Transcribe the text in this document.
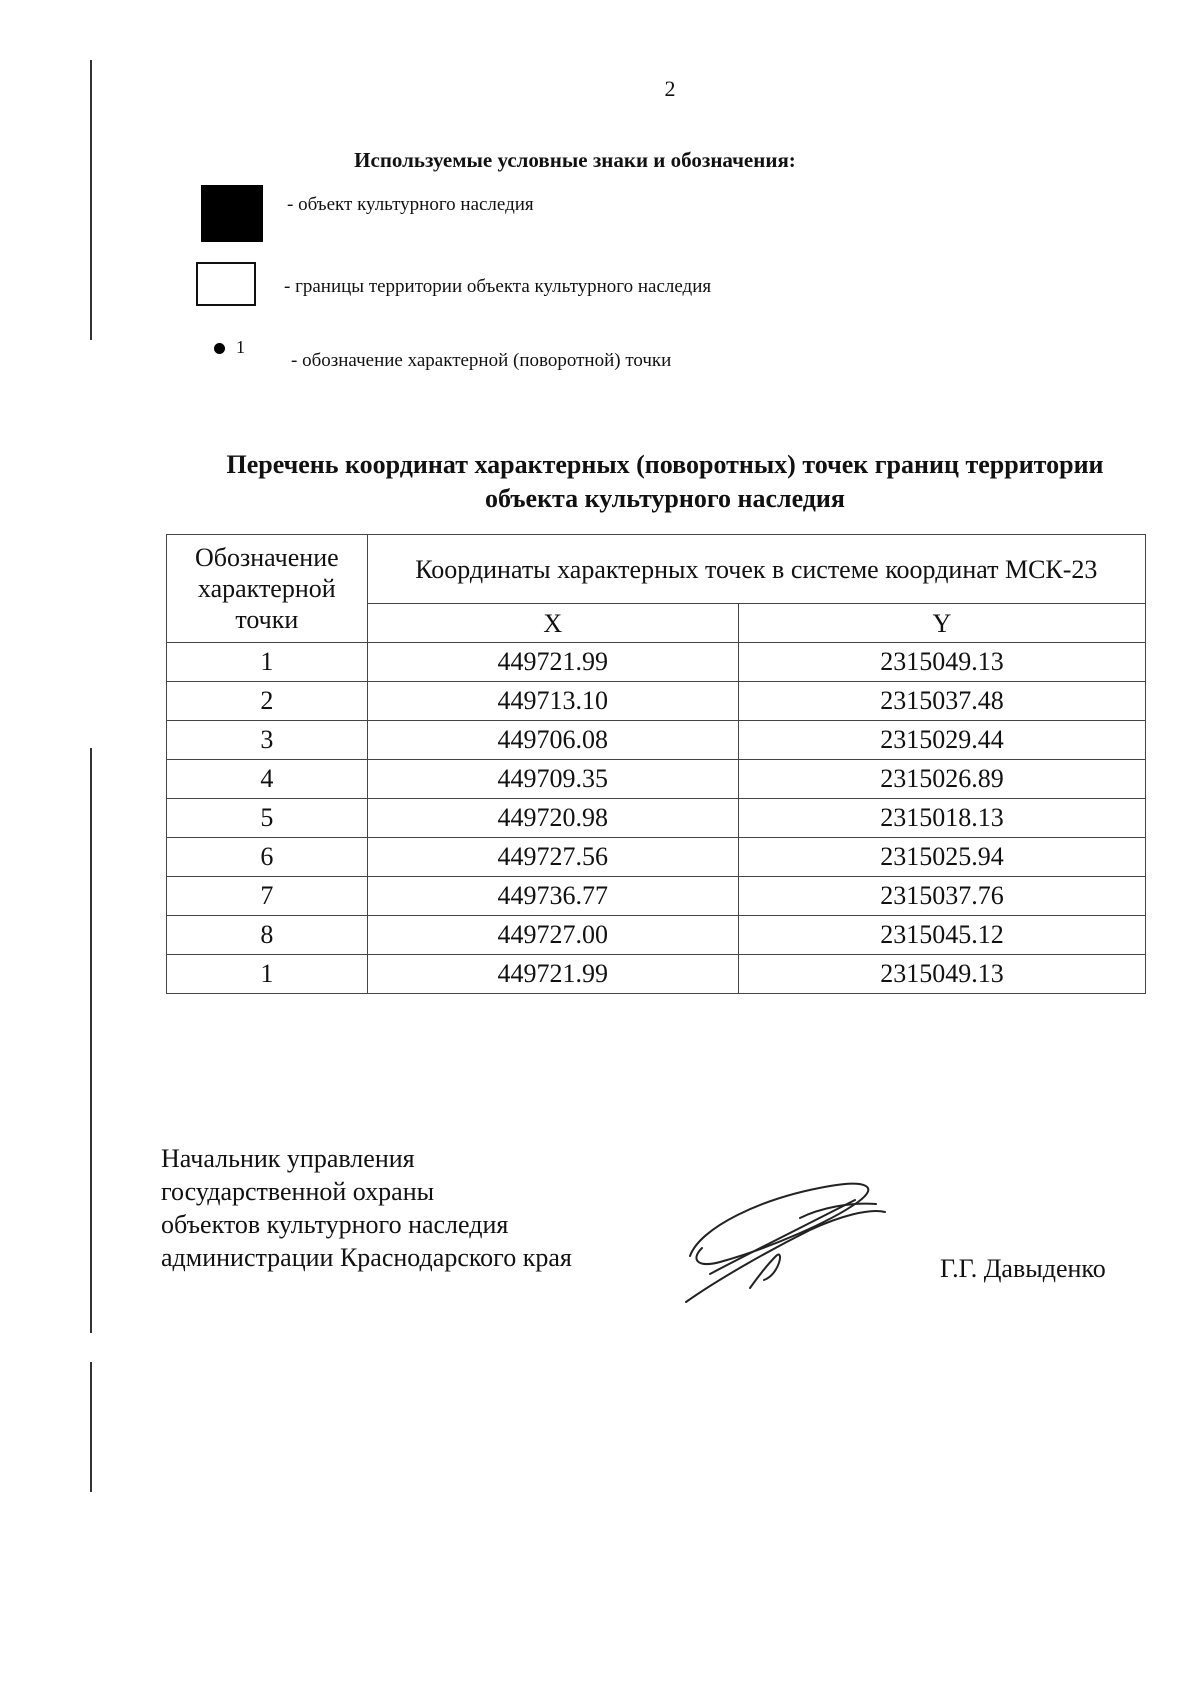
2
Используемые условные знаки и обозначения:
- объект культурного наследия
- границы территории объекта культурного наследия
1
- обозначение характерной (поворотной) точки
Перечень координат характерных (поворотных) точек границ территории
объекта культурного наследия
Обозначение характерной точки	Координаты характерных точек в системе координат МСК-23	
	X	Y
1	449721.99	2315049.13
2	449713.10	2315037.48
3	449706.08	2315029.44
4	449709.35	2315026.89
5	449720.98	2315018.13
6	449727.56	2315025.94
7	449736.77	2315037.76
8	449727.00	2315045.12
1	449721.99	2315049.13
Начальник управления
государственной охраны
объектов культурного наследия
администрации Краснодарского края	Г.Г. Давыденко
